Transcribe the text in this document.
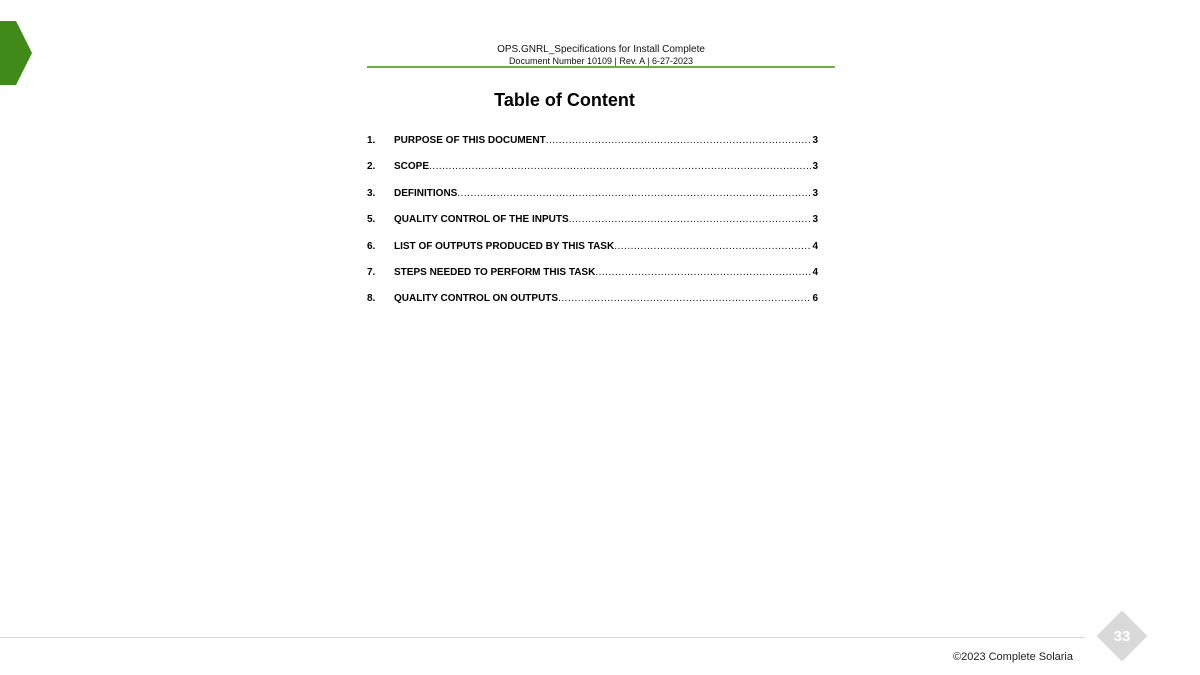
OPS.GNRL_Specifications for Install Complete
Document Number 10109 | Rev. A | 6-27-2023
Table of Content
1.	PURPOSE OF THIS DOCUMENT .....	3
2.	SCOPE .....	3
3.	DEFINITIONS .....	3
5.	QUALITY CONTROL OF THE INPUTS .....	3
6.	LIST OF OUTPUTS PRODUCED BY THIS TASK .....	4
7.	STEPS NEEDED TO PERFORM THIS TASK .....	4
8.	QUALITY CONTROL ON OUTPUTS .....	6
33
©2023 Complete Solaria
